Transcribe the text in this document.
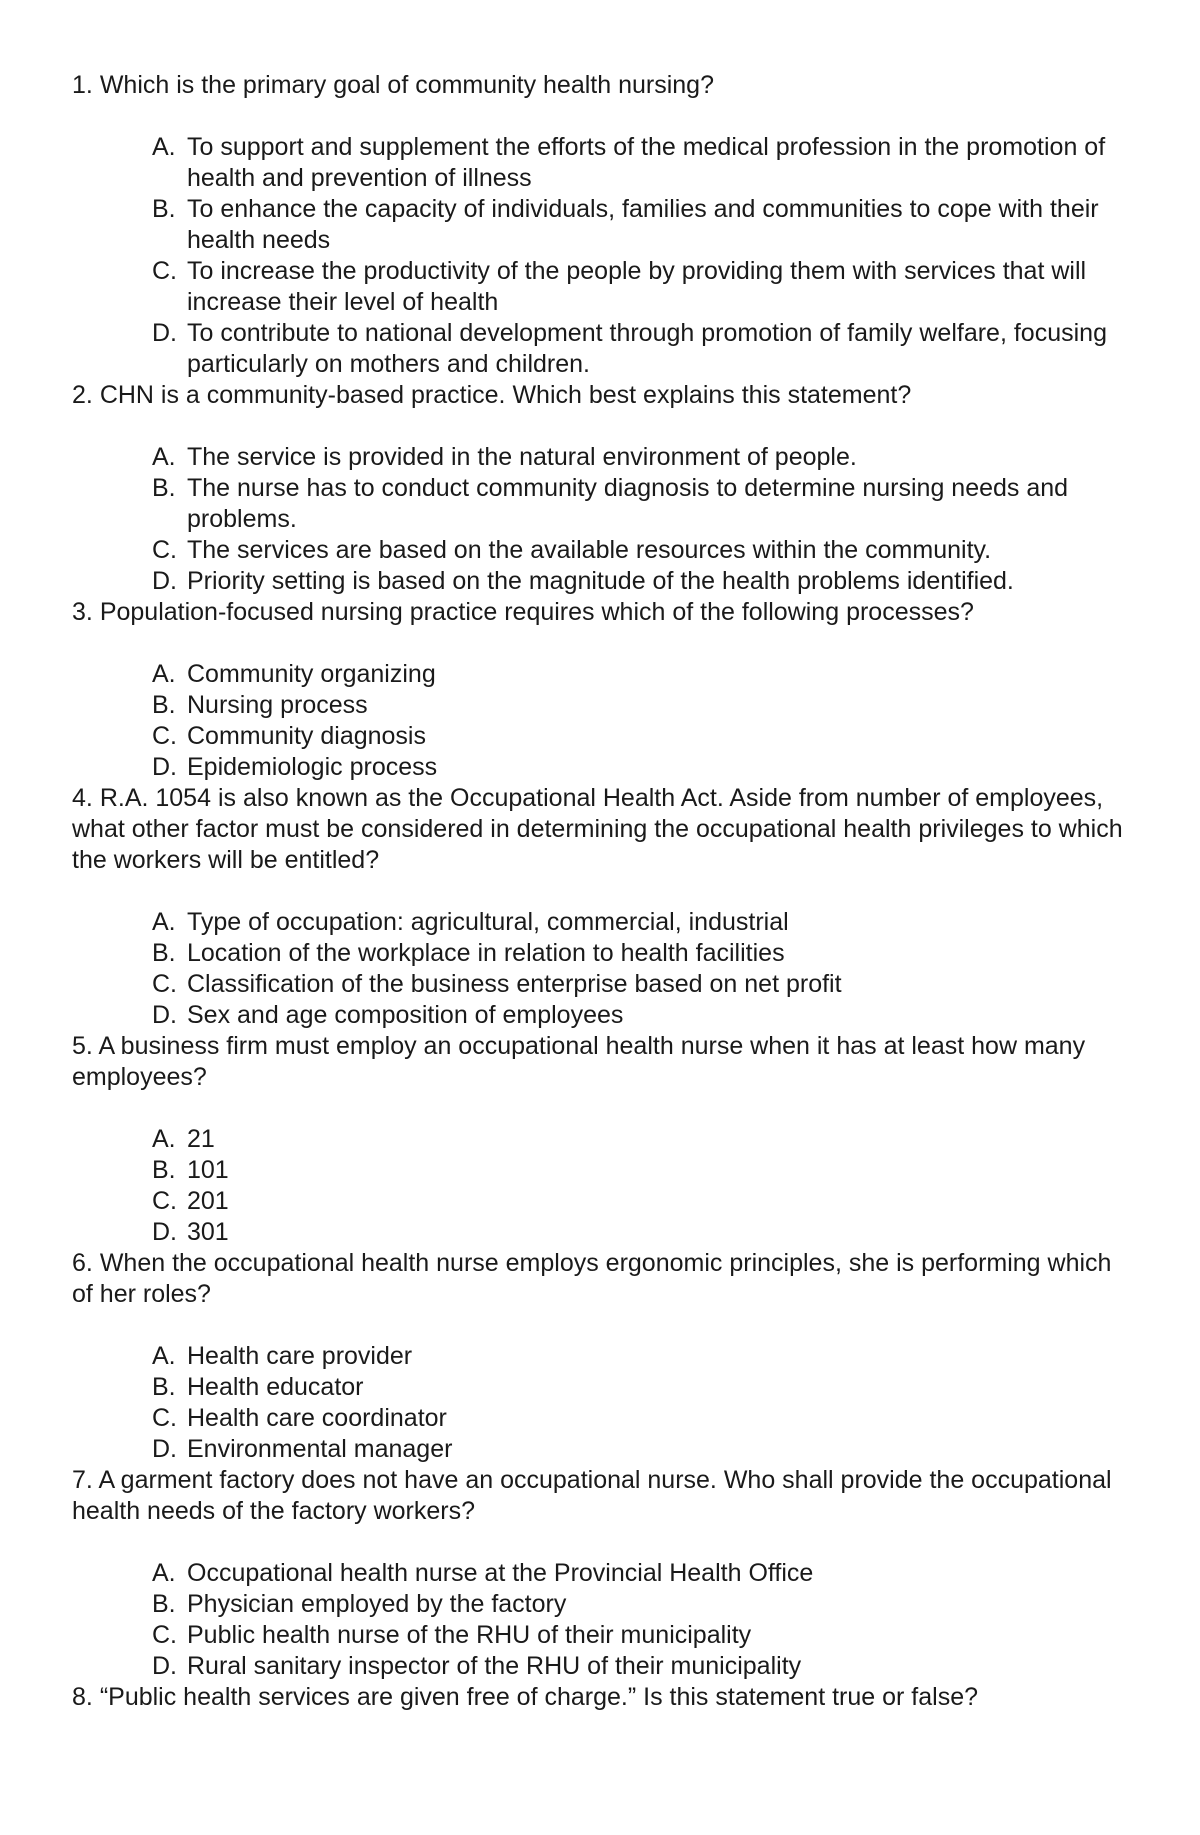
1. Which is the primary goal of community health nursing?

A. To support and supplement the efforts of the medical profession in the promotion of health and prevention of illness
B. To enhance the capacity of individuals, families and communities to cope with their health needs
C. To increase the productivity of the people by providing them with services that will increase their level of health
D. To contribute to national development through promotion of family welfare, focusing particularly on mothers and children.

2. CHN is a community-based practice. Which best explains this statement?

A. The service is provided in the natural environment of people.
B. The nurse has to conduct community diagnosis to determine nursing needs and problems.
C. The services are based on the available resources within the community.
D. Priority setting is based on the magnitude of the health problems identified.

3. Population-focused nursing practice requires which of the following processes?

A. Community organizing
B. Nursing process
C. Community diagnosis
D. Epidemiologic process

4. R.A. 1054 is also known as the Occupational Health Act. Aside from number of employees, what other factor must be considered in determining the occupational health privileges to which the workers will be entitled?

A. Type of occupation: agricultural, commercial, industrial
B. Location of the workplace in relation to health facilities
C. Classification of the business enterprise based on net profit
D. Sex and age composition of employees

5. A business firm must employ an occupational health nurse when it has at least how many employees?

A. 21
B. 101
C. 201
D. 301

6. When the occupational health nurse employs ergonomic principles, she is performing which of her roles?

A. Health care provider
B. Health educator
C. Health care coordinator
D. Environmental manager

7. A garment factory does not have an occupational nurse. Who shall provide the occupational health needs of the factory workers?

A. Occupational health nurse at the Provincial Health Office
B. Physician employed by the factory
C. Public health nurse of the RHU of their municipality
D. Rural sanitary inspector of the RHU of their municipality

8. “Public health services are given free of charge.” Is this statement true or false?
